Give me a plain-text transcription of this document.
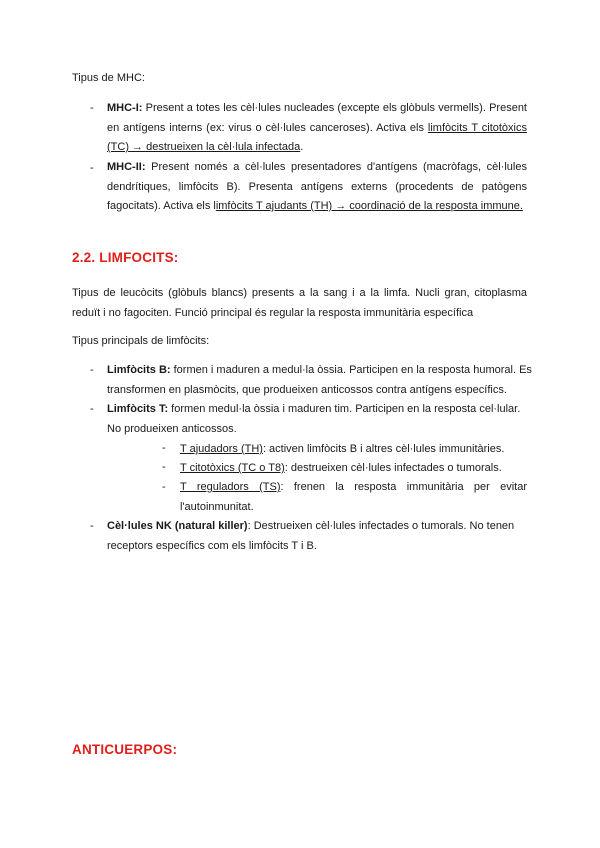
Tipus de MHC:

- MHC-I: Present a totes les cèl·lules nucleades (excepte els glòbuls vermells). Present en antígens interns (ex: virus o cèl·lules canceroses). Activa els limfòcits T citotòxics (TC) → destrueixen la cèl·lula infectada.

- MHC-II: Present només a cèl·lules presentadores d'antígens (macròfags, cèl·lules dendrítiques, limfòcits B). Presenta antígens externs (procedents de patògens fagocitats). Activa els limfòcits T ajudants (TH) → coordinació de la resposta immune.

2.2. LIMFOCITS:

Tipus de leucòcits (glòbuls blancs) presents a la sang i a la limfa. Nucli gran, citoplasma reduït i no fagociten. Funció principal és regular la resposta immunitària específica

Tipus principals de limfòcits:

- Limfòcits B: formen i maduren a medul·la òssia. Participen en la resposta humoral. Es transformen en plasmòcits, que produeixen anticossos contra antígens específics.

- Limfòcits T: formen medul·la òssia i maduren tim. Participen en la resposta cel·lular. No produeixen anticossos.

- T ajudadors (TH): activen limfòcits B i altres cèl·lules immunitàries.

- T citotòxics (TC o T8): destrueixen cèl·lules infectades o tumorals.

- T reguladors (TS): frenen la resposta immunitària per evitar l'autoinmunitat.

- Cèl·lules NK (natural killer): Destrueixen cèl·lules infectades o tumorals. No tenen receptors específics com els limfòcits T i B.

ANTICUERPOS:
